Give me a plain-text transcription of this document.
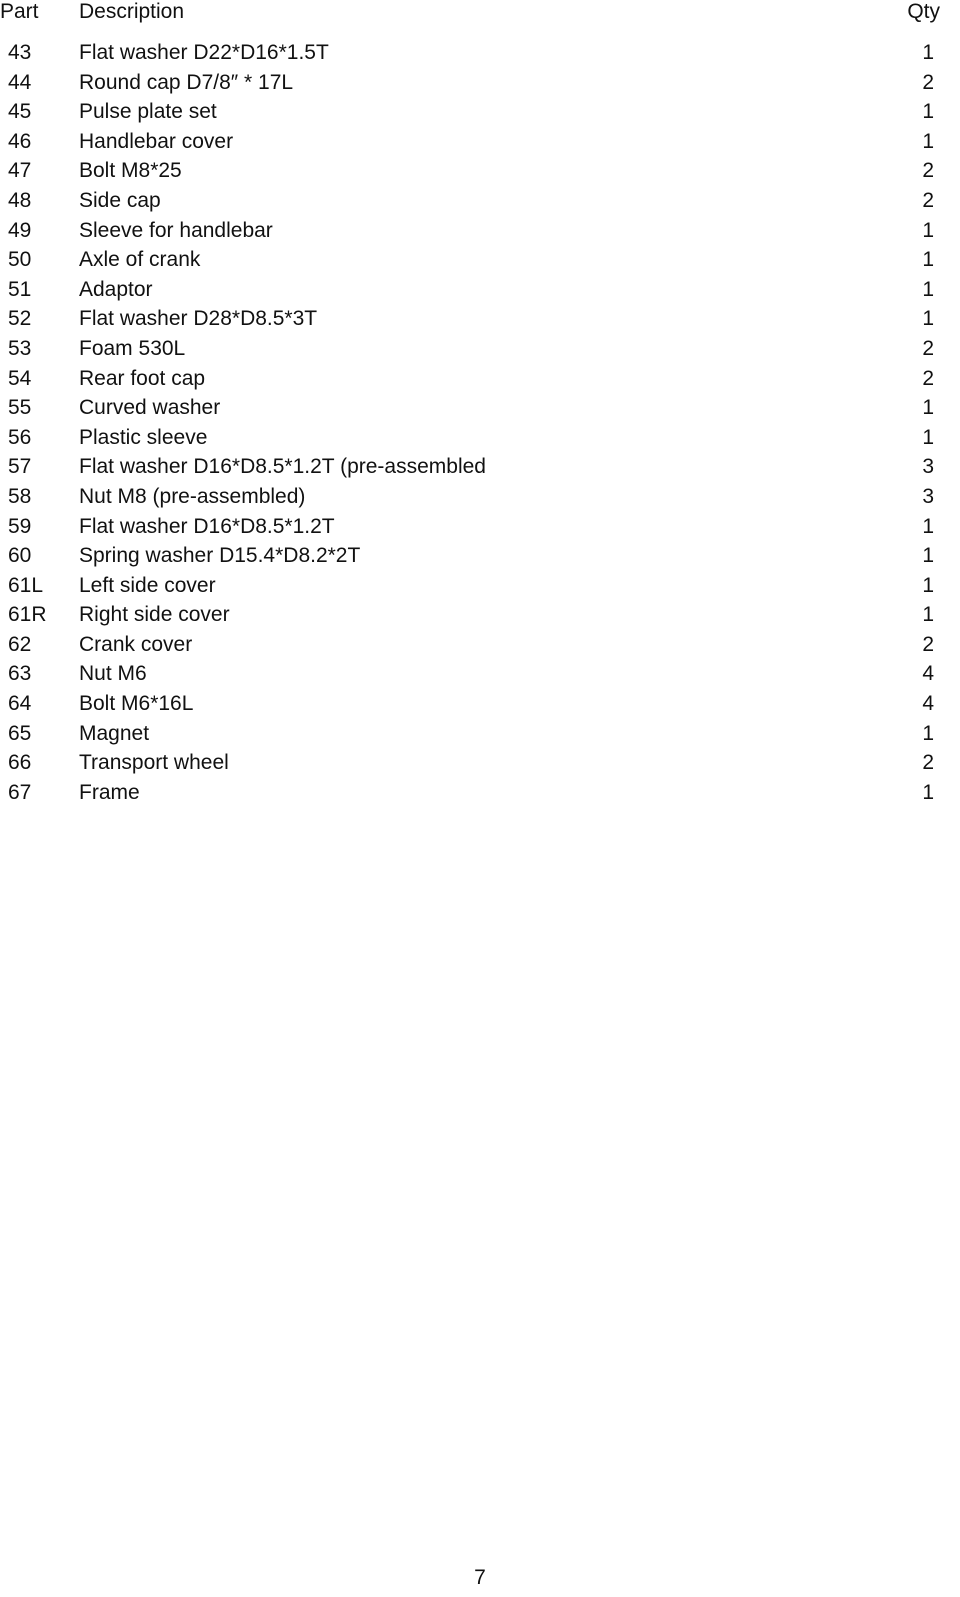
Part Description	Qty
43 Flat washer D22*D16*1.5T	1
44 Round cap D7/8″ * 17L	2
45 Pulse plate set	1
46 Handlebar cover	1
47 Bolt M8*25	2
48 Side cap	2
49 Sleeve for handlebar	1
50 Axle of crank	1
51 Adaptor	1
52 Flat washer D28*D8.5*3T	1
53 Foam 530L	2
54 Rear foot cap	2
55 Curved washer	1
56 Plastic sleeve	1
57 Flat washer D16*D8.5*1.2T (pre-assembled	3
58 Nut M8 (pre-assembled)	3
59 Flat washer D16*D8.5*1.2T	1
60 Spring washer D15.4*D8.2*2T	1
61L Left side cover	1
61R Right side cover	1
62 Crank cover	2
63 Nut M6	4
64 Bolt M6*16L	4
65 Magnet	1
66 Transport wheel	2
67 Frame	1
7
